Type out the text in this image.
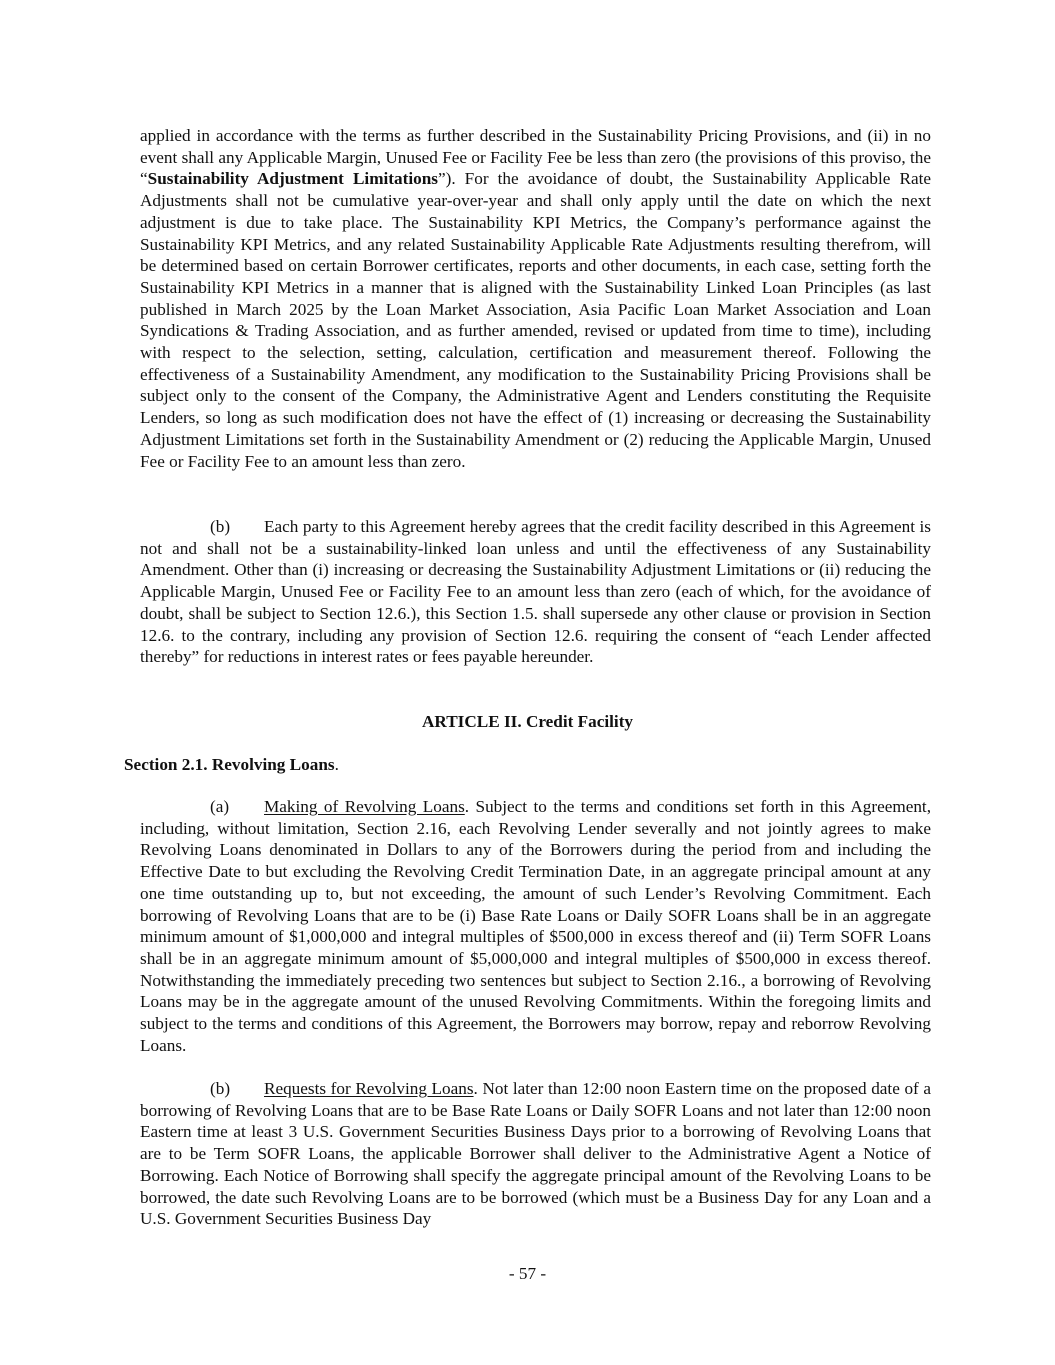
applied in accordance with the terms as further described in the Sustainability Pricing Provisions, and (ii) in no event shall any Applicable Margin, Unused Fee or Facility Fee be less than zero (the provisions of this proviso, the “Sustainability Adjustment Limitations”). For the avoidance of doubt, the Sustainability Applicable Rate Adjustments shall not be cumulative year-over-year and shall only apply until the date on which the next adjustment is due to take place. The Sustainability KPI Metrics, the Company’s performance against the Sustainability KPI Metrics, and any related Sustainability Applicable Rate Adjustments resulting therefrom, will be determined based on certain Borrower certificates, reports and other documents, in each case, setting forth the Sustainability KPI Metrics in a manner that is aligned with the Sustainability Linked Loan Principles (as last published in March 2025 by the Loan Market Association, Asia Pacific Loan Market Association and Loan Syndications & Trading Association, and as further amended, revised or updated from time to time), including with respect to the selection, setting, calculation, certification and measurement thereof. Following the effectiveness of a Sustainability Amendment, any modification to the Sustainability Pricing Provisions shall be subject only to the consent of the Company, the Administrative Agent and Lenders constituting the Requisite Lenders, so long as such modification does not have the effect of (1) increasing or decreasing the Sustainability Adjustment Limitations set forth in the Sustainability Amendment or (2) reducing the Applicable Margin, Unused Fee or Facility Fee to an amount less than zero.

(b) Each party to this Agreement hereby agrees that the credit facility described in this Agreement is not and shall not be a sustainability-linked loan unless and until the effectiveness of any Sustainability Amendment. Other than (i) increasing or decreasing the Sustainability Adjustment Limitations or (ii) reducing the Applicable Margin, Unused Fee or Facility Fee to an amount less than zero (each of which, for the avoidance of doubt, shall be subject to Section 12.6.), this Section 1.5. shall supersede any other clause or provision in Section 12.6. to the contrary, including any provision of Section 12.6. requiring the consent of “each Lender affected thereby” for reductions in interest rates or fees payable hereunder.

ARTICLE II. Credit Facility

Section 2.1. Revolving Loans.

(a) Making of Revolving Loans. Subject to the terms and conditions set forth in this Agreement, including, without limitation, Section 2.16, each Revolving Lender severally and not jointly agrees to make Revolving Loans denominated in Dollars to any of the Borrowers during the period from and including the Effective Date to but excluding the Revolving Credit Termination Date, in an aggregate principal amount at any one time outstanding up to, but not exceeding, the amount of such Lender’s Revolving Commitment. Each borrowing of Revolving Loans that are to be (i) Base Rate Loans or Daily SOFR Loans shall be in an aggregate minimum amount of $1,000,000 and integral multiples of $500,000 in excess thereof and (ii) Term SOFR Loans shall be in an aggregate minimum amount of $5,000,000 and integral multiples of $500,000 in excess thereof. Notwithstanding the immediately preceding two sentences but subject to Section 2.16., a borrowing of Revolving Loans may be in the aggregate amount of the unused Revolving Commitments. Within the foregoing limits and subject to the terms and conditions of this Agreement, the Borrowers may borrow, repay and reborrow Revolving Loans.

(b) Requests for Revolving Loans. Not later than 12:00 noon Eastern time on the proposed date of a borrowing of Revolving Loans that are to be Base Rate Loans or Daily SOFR Loans and not later than 12:00 noon Eastern time at least 3 U.S. Government Securities Business Days prior to a borrowing of Revolving Loans that are to be Term SOFR Loans, the applicable Borrower shall deliver to the Administrative Agent a Notice of Borrowing. Each Notice of Borrowing shall specify the aggregate principal amount of the Revolving Loans to be borrowed, the date such Revolving Loans are to be borrowed (which must be a Business Day for any Loan and a U.S. Government Securities Business Day

- 57 -
